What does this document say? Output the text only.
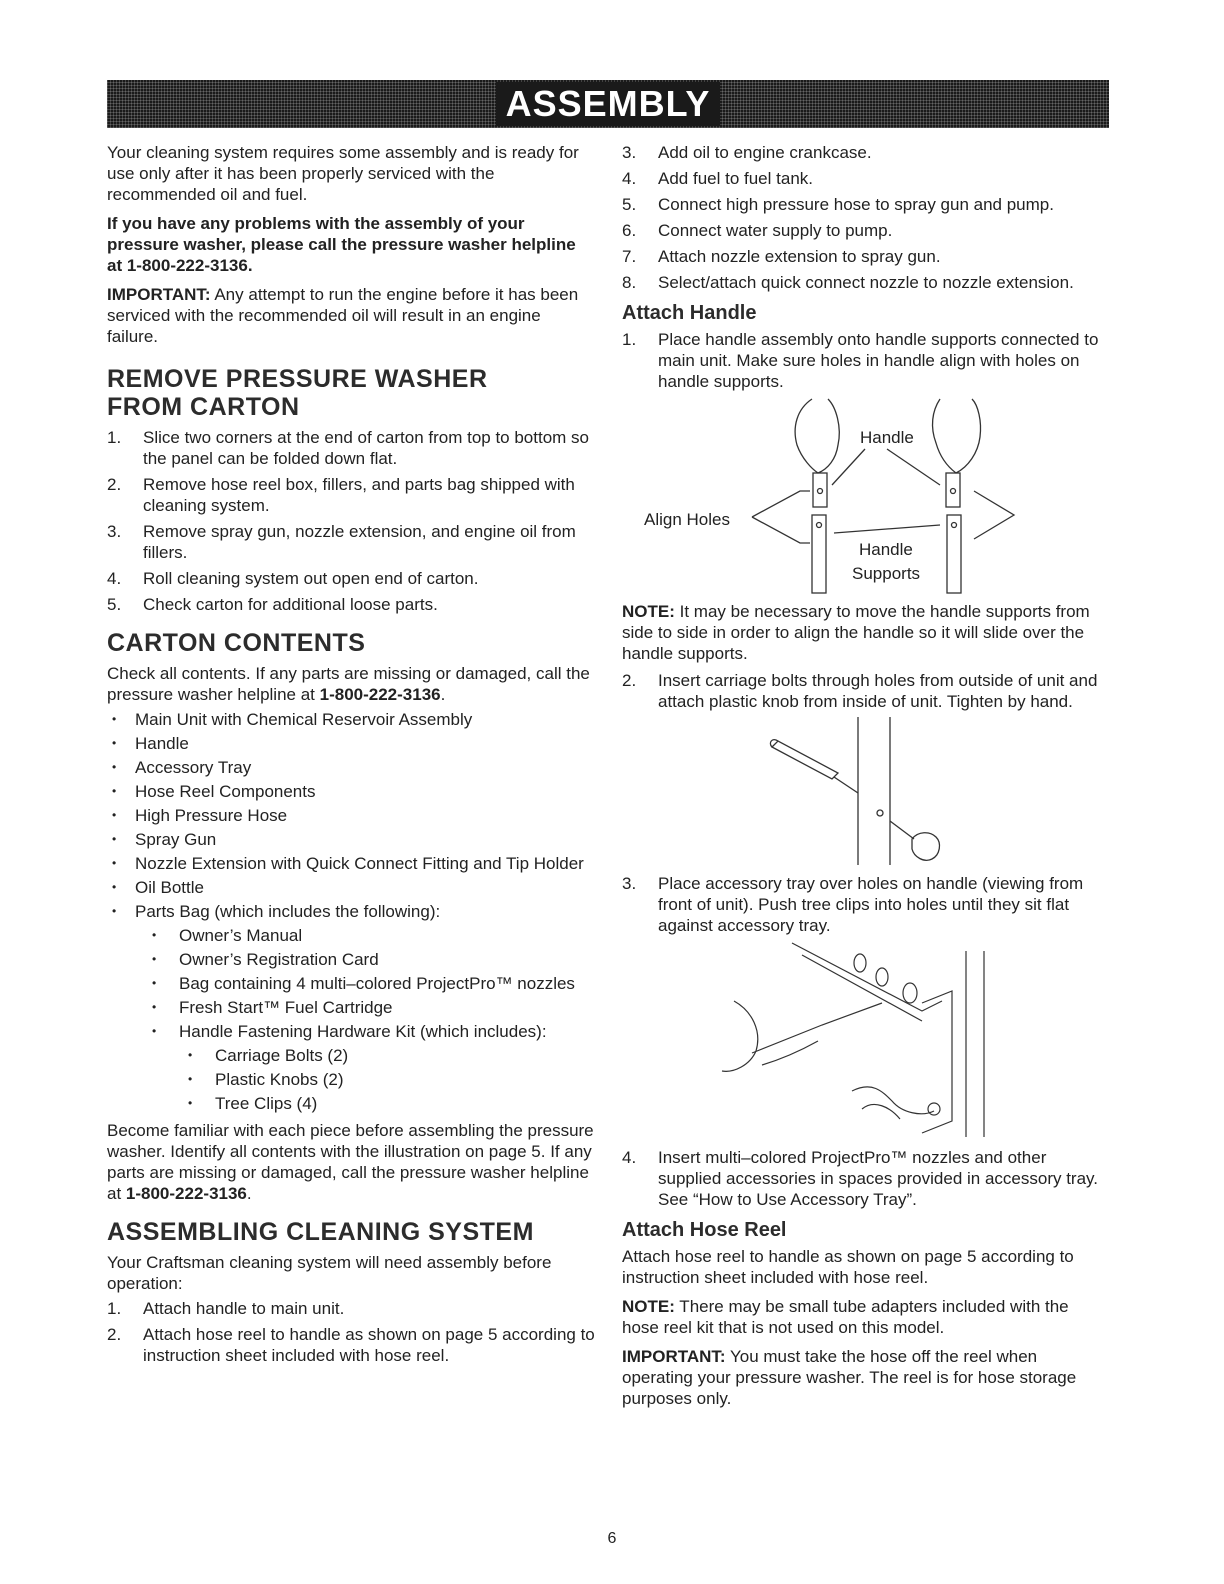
ASSEMBLY

Your cleaning system requires some assembly and is ready for use only after it has been properly serviced with the recommended oil and fuel.

If you have any problems with the assembly of your pressure washer, please call the pressure washer helpline at 1-800-222-3136.

IMPORTANT: Any attempt to run the engine before it has been serviced with the recommended oil will result in an engine failure.

REMOVE PRESSURE WASHER
FROM CARTON
1. Slice two corners at the end of carton from top to bottom so the panel can be folded down flat.
2. Remove hose reel box, fillers, and parts bag shipped with cleaning system.
3. Remove spray gun, nozzle extension, and engine oil from fillers.
4. Roll cleaning system out open end of carton.
5. Check carton for additional loose parts.
CARTON CONTENTS

Check all contents. If any parts are missing or damaged, call the pressure washer helpline at 1-800-222-3136.

• Main Unit with Chemical Reservoir Assembly
• Handle
• Accessory Tray
• Hose Reel Components
• High Pressure Hose
• Spray Gun
• Nozzle Extension with Quick Connect Fitting and Tip Holder
• Oil Bottle
• Parts Bag (which includes the following):
• Owner’s Manual
• Owner’s Registration Card
• Bag containing 4 multi–colored ProjectPro™ nozzles
• Fresh Start™ Fuel Cartridge
• Handle Fastening Hardware Kit (which includes):
• Carriage Bolts (2)
• Plastic Knobs (2)
• Tree Clips (4)

Become familiar with each piece before assembling the pressure washer. Identify all contents with the illustration on page 5. If any parts are missing or damaged, call the pressure washer helpline at 1-800-222-3136.

ASSEMBLING CLEANING SYSTEM

Your Craftsman cleaning system will need assembly before operation:

1. Attach handle to main unit.
2. Attach hose reel to handle as shown on page 5 according to instruction sheet included with hose reel.
3. Add oil to engine crankcase.
4. Add fuel to fuel tank.
5. Connect high pressure hose to spray gun and pump.
6. Connect water supply to pump.
7. Attach nozzle extension to spray gun.
8. Select/attach quick connect nozzle to nozzle extension.
Attach Handle
1. Place handle assembly onto handle supports connected to main unit. Make sure holes in handle align with holes on handle supports.
Handle
Align Holes
Handle
Supports

NOTE: It may be necessary to move the handle supports from side to side in order to align the handle so it will slide over the handle supports.

2. Insert carriage bolts through holes from outside of unit and attach plastic knob from inside of unit. Tighten by hand.
3. Place accessory tray over holes on handle (viewing from front of unit). Push tree clips into holes until they sit flat against accessory tray.
4. Insert multi–colored ProjectPro™ nozzles and other supplied accessories in spaces provided in accessory tray. See “How to Use Accessory Tray”.
Attach Hose Reel

Attach hose reel to handle as shown on page 5 according to instruction sheet included with hose reel.

NOTE: There may be small tube adapters included with the hose reel kit that is not used on this model.

IMPORTANT: You must take the hose off the reel when operating your pressure washer. The reel is for hose storage purposes only.

6
